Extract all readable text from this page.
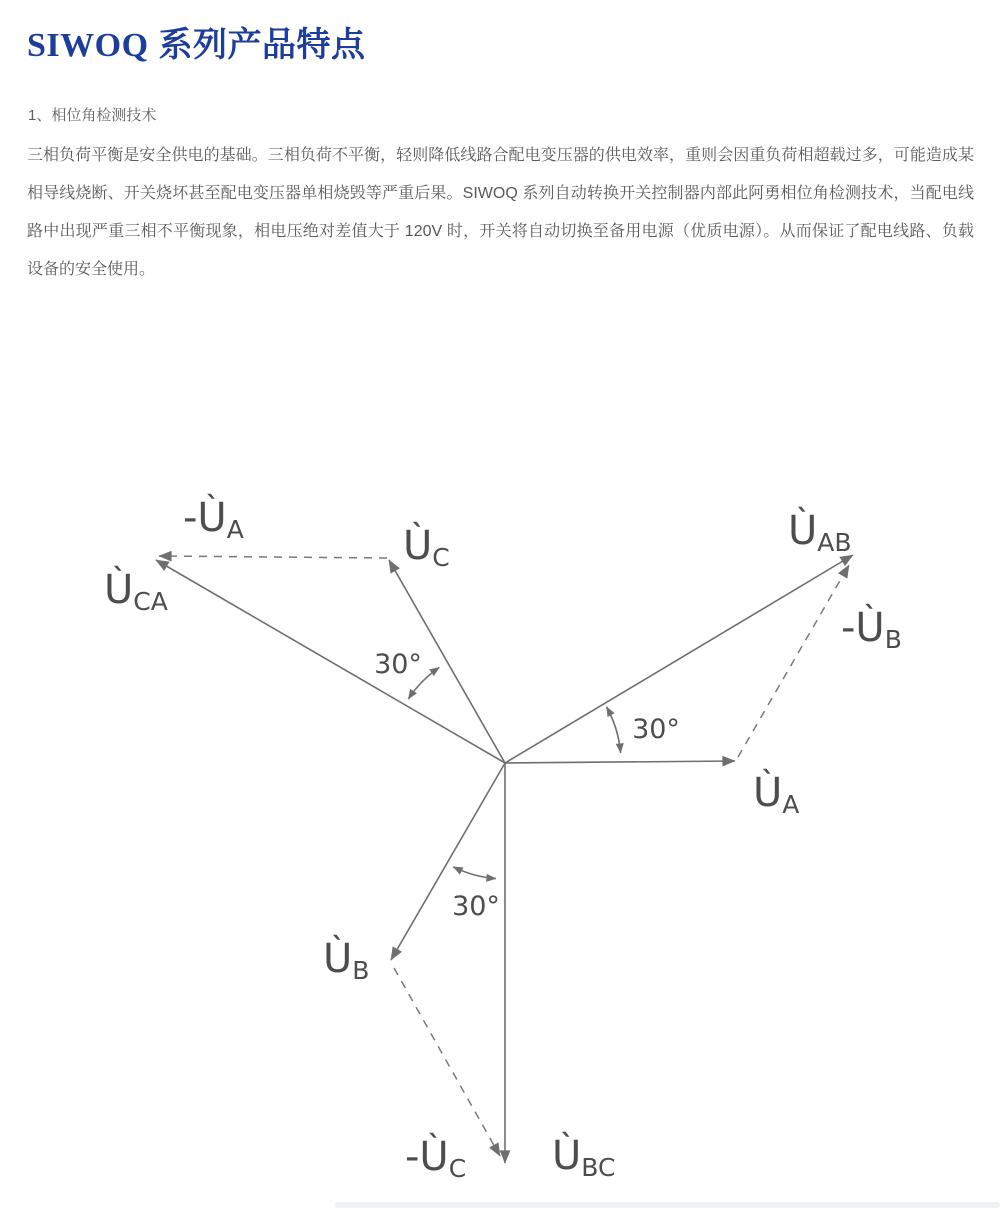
SIWOQ 系列产品特点
1、相位角检测技术

三相负荷平衡是安全供电的基础。三相负荷不平衡，轻则降低线路合配电变压器的供电效率，重则会因重负荷相超载过多，可能造成某相导线烧断、开关烧坏甚至配电变压器单相烧毁等严重后果。SIWOQ 系列自动转换开关控制器内部此阿勇相位角检测技术，当配电线路中出现严重三相不平衡现象，相电压绝对差值大于 120V 时，开关将自动切换至备用电源（优质电源）。从而保证了配电线路、负载设备的安全使用。

ÙA
ÙAB
ÙC
ÙCA
ÙB
ÙBC
-ÙA
-ÙB
-ÙC
30°
30°
30°
